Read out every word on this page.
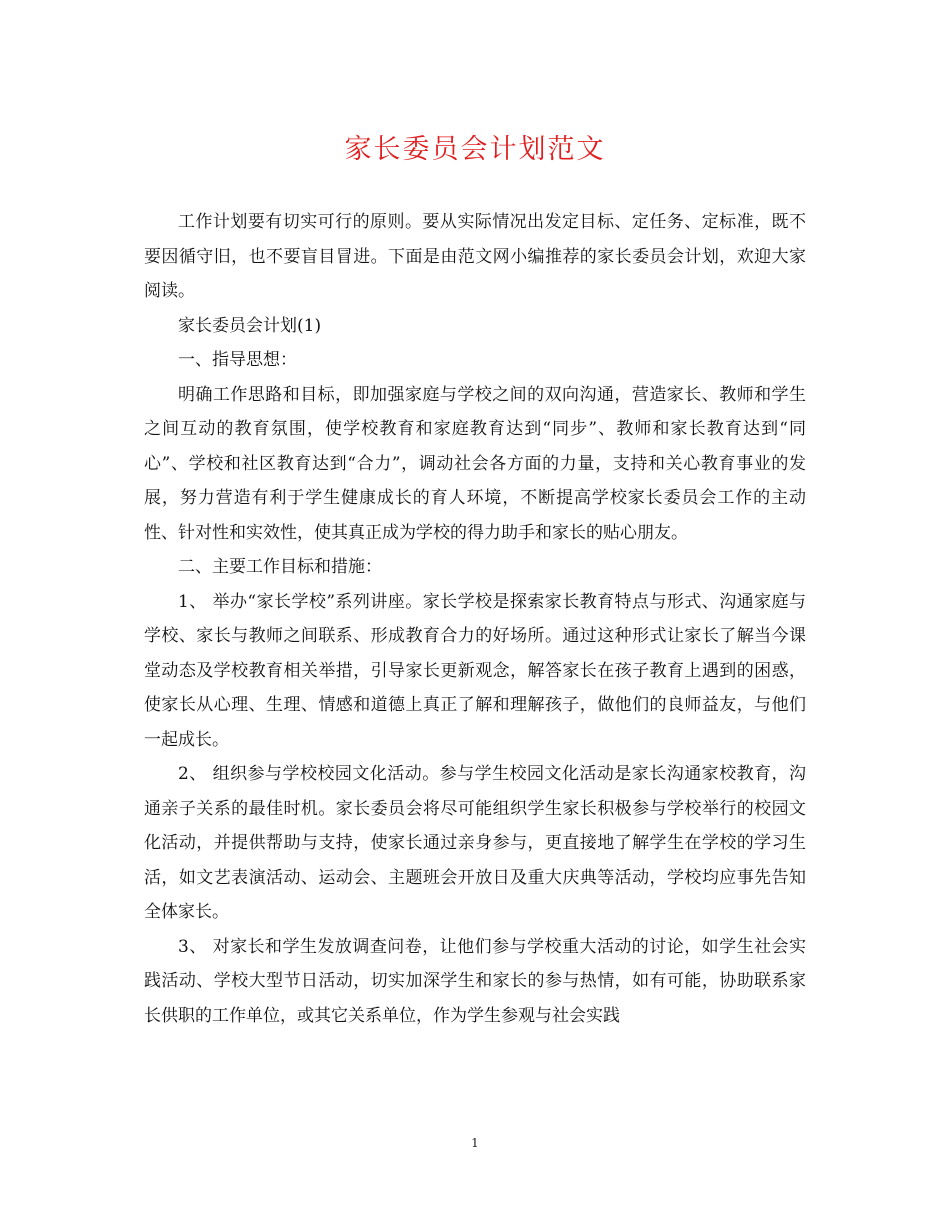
家长委员会计划范文

工作计划要有切实可行的原则。要从实际情况出发定目标、定任务、定标准，既不要因循守旧，也不要盲目冒进。下面是由范文网小编推荐的家长委员会计划，欢迎大家阅读。

家长委员会计划(1)

一、指导思想：

明确工作思路和目标，即加强家庭与学校之间的双向沟通，营造家长、教师和学生之间互动的教育氛围，使学校教育和家庭教育达到“同步”、教师和家长教育达到“同心”、学校和社区教育达到“合力”，调动社会各方面的力量，支持和关心教育事业的发展，努力营造有利于学生健康成长的育人环境，不断提高学校家长委员会工作的主动性、针对性和实效性，使其真正成为学校的得力助手和家长的贴心朋友。

二、主要工作目标和措施：

1、 举办“家长学校”系列讲座。家长学校是探索家长教育特点与形式、沟通家庭与学校、家长与教师之间联系、形成教育合力的好场所。通过这种形式让家长了解当今课堂动态及学校教育相关举措，引导家长更新观念，解答家长在孩子教育上遇到的困惑，使家长从心理、生理、情感和道德上真正了解和理解孩子，做他们的良师益友，与他们一起成长。

2、 组织参与学校校园文化活动。参与学生校园文化活动是家长沟通家校教育，沟通亲子关系的最佳时机。家长委员会将尽可能组织学生家长积极参与学校举行的校园文化活动，并提供帮助与支持，使家长通过亲身参与，更直接地了解学生在学校的学习生活，如文艺表演活动、运动会、主题班会开放日及重大庆典等活动，学校均应事先告知全体家长。

3、 对家长和学生发放调查问卷，让他们参与学校重大活动的讨论，如学生社会实践活动、学校大型节日活动，切实加深学生和家长的参与热情，如有可能，协助联系家长供职的工作单位，或其它关系单位，作为学生参观与社会实践

1
